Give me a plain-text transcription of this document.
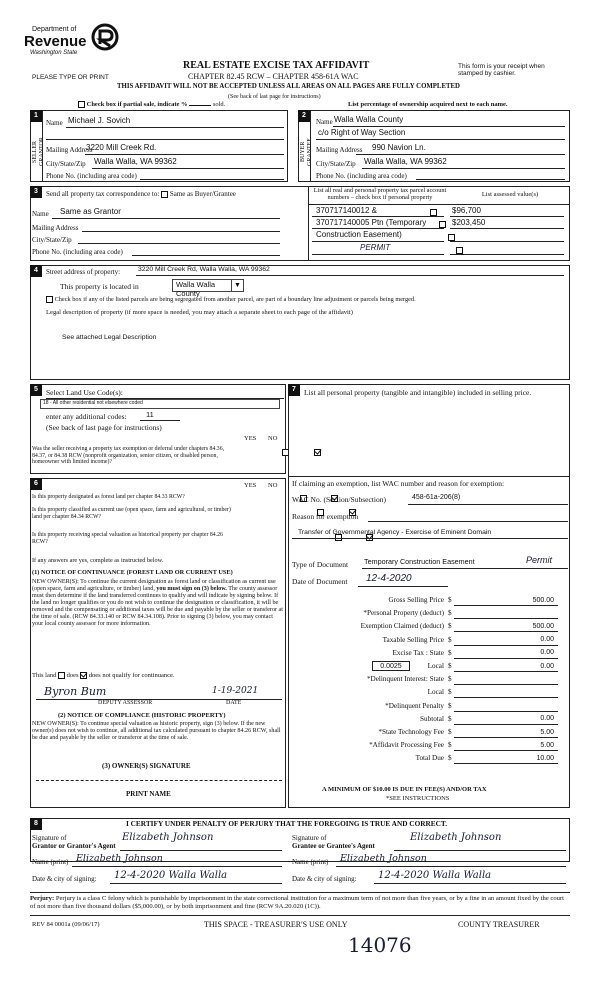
Department of
Revenue
Washington State
PLEASE TYPE OR PRINT
REAL ESTATE EXCISE TAX AFFIDAVIT
CHAPTER 82.45 RCW – CHAPTER 458-61A WAC
This form is your receipt when stamped by cashier.
THIS AFFIDAVIT WILL NOT BE ACCEPTED UNLESS ALL AREAS ON ALL PAGES ARE FULLY COMPLETED
(See back of last page for instructions)
Check box if partial sale, indicate %	sold.	List percentage of ownership acquired next to each name.
1
SELLER GRANTOR
Name Michael J. Sovich
Mailing Address
3220 Mill Creek Rd.
City/State/Zip Walla Walla, WA 99362
Phone No. (including area code)
2
BUYER GRANTEE
Name Walla Walla County
c/o Right of Way Section
Mailing Address 990 Navion Ln.
City/State/Zip Walla Walla, WA 99362
Phone No. (including area code)
3	Send all property tax correspondence to: Same as Buyer/Grantee
Name Same as Grantor
Mailing Address
City/State/Zip
Phone No. (including area code)
List all real and personal property tax parcel account numbers – check box if personal property	List assessed value(s)
370717140012 &
	$96,700
370717140005 Ptn (Temporary
	$203,450
Construction Easement)

PERMIT

4	Street address of property:	3220 Mill Creek Rd, Walla Walla, WA 99362
This property is located in	Walla Walla County
▼
Check box if any of the listed parcels are being segregated from another parcel, are part of a boundary line adjustment or parcels being merged.
Legal description of property (if more space is needed, you may attach a separate sheet to each page of the affidavit)
See attached Legal Description
5	Select Land Use Code(s):
18 - All other residential not elsewhere coded
enter any additional codes:	11
(See back of last page for instructions)
YES NO
Was the seller receiving a property tax exemption or deferral under chapters 84.36, 84.37, or 84.38 RCW (nonprofit organization, senior citizen, or disabled person, homeowner with limited income)?

6	YES NO
Is this property designated as forest land per chapter 84.33 RCW?

Is this property classified as current use (open space, farm and agricultural, or timber) land per chapter 84.34 RCW?

Is this property receiving special valuation as historical property per chapter 84.26 RCW?

If any answers are yes, complete as instructed below.
(1) NOTICE OF CONTINUANCE (FOREST LAND OR CURRENT USE)
NEW OWNER(S): To continue the current designation as forest land or classification as current use (open space, farm and agriculture, or timber) land, you must sign on (3) below. The county assessor must then determine if the land transferred continues to qualify and will indicate by signing below. If the land no longer qualifies or you do not wish to continue the designation or classification, it will be removed and the compensating or additional taxes will be due and payable by the seller or transferor at the time of sale. (RCW 84.33.140 or RCW 84.34.108). Prior to signing (3) below, you may contact your local county assessor for more information.
This land does does not qualify for continuance.
Byron Bum	1-19-2021
DEPUTY ASSESSOR	DATE
(2) NOTICE OF COMPLIANCE (HISTORIC PROPERTY)
NEW OWNER(S): To continue special valuation as historic property, sign (3) below. If the new owner(s) does not wish to continue, all additional tax calculated pursuant to chapter 84.26 RCW, shall be due and payable by the seller or transferor at the time of sale.
(3) OWNER(S) SIGNATURE
PRINT NAME
7	List all personal property (tangible and intangible) included in selling price.
If claiming an exemption, list WAC number and reason for exemption:
WAC No. (Section/Subsection)	458-61a-206(8)
Reason for exemption
Transfer of Governmental Agency - Exercise of Eminent Domain
Type of Document Temporary Construction Easement	Permit
Date of Document 12-4-2020
Gross Selling Price $	500.00
*Personal Property (deduct) $
Exemption Claimed (deduct) $	500.00
Taxable Selling Price $	0.00
Excise Tax : State $	0.00
Local $	0.00
*Delinquent Interest: State $
Local $
*Delinquent Penalty $
Subtotal $	0.00
*State Technology Fee $	5.00
*Affidavit Processing Fee $	5.00
Total Due $	10.00
0.0025
A MINIMUM OF $10.00 IS DUE IN FEE(S) AND/OR TAX
*SEE INSTRUCTIONS
8	I CERTIFY UNDER PENALTY OF PERJURY THAT THE FOREGOING IS TRUE AND CORRECT.
Signature of
Grantor or Grantor's Agent
Elizabeth Johnson
Name (print) Elizabeth Johnson
Date & city of signing: 12-4-2020 Walla Walla
Signature of
Grantee or Grantee's Agent
Elizabeth Johnson
Name (print) Elizabeth Johnson
Date & city of signing: 12-4-2020 Walla Walla
Perjury: Perjury is a class C felony which is punishable by imprisonment in the state correctional institution for a maximum term of not more than five years, or by a fine in an amount fixed by the court of not more than five thousand dollars ($5,000.00), or by both imprisonment and fine (RCW 9A.20.020 (1C)).
REV 84 0001a (09/06/17)	THIS SPACE - TREASURER'S USE ONLY	COUNTY TREASURER
14076
